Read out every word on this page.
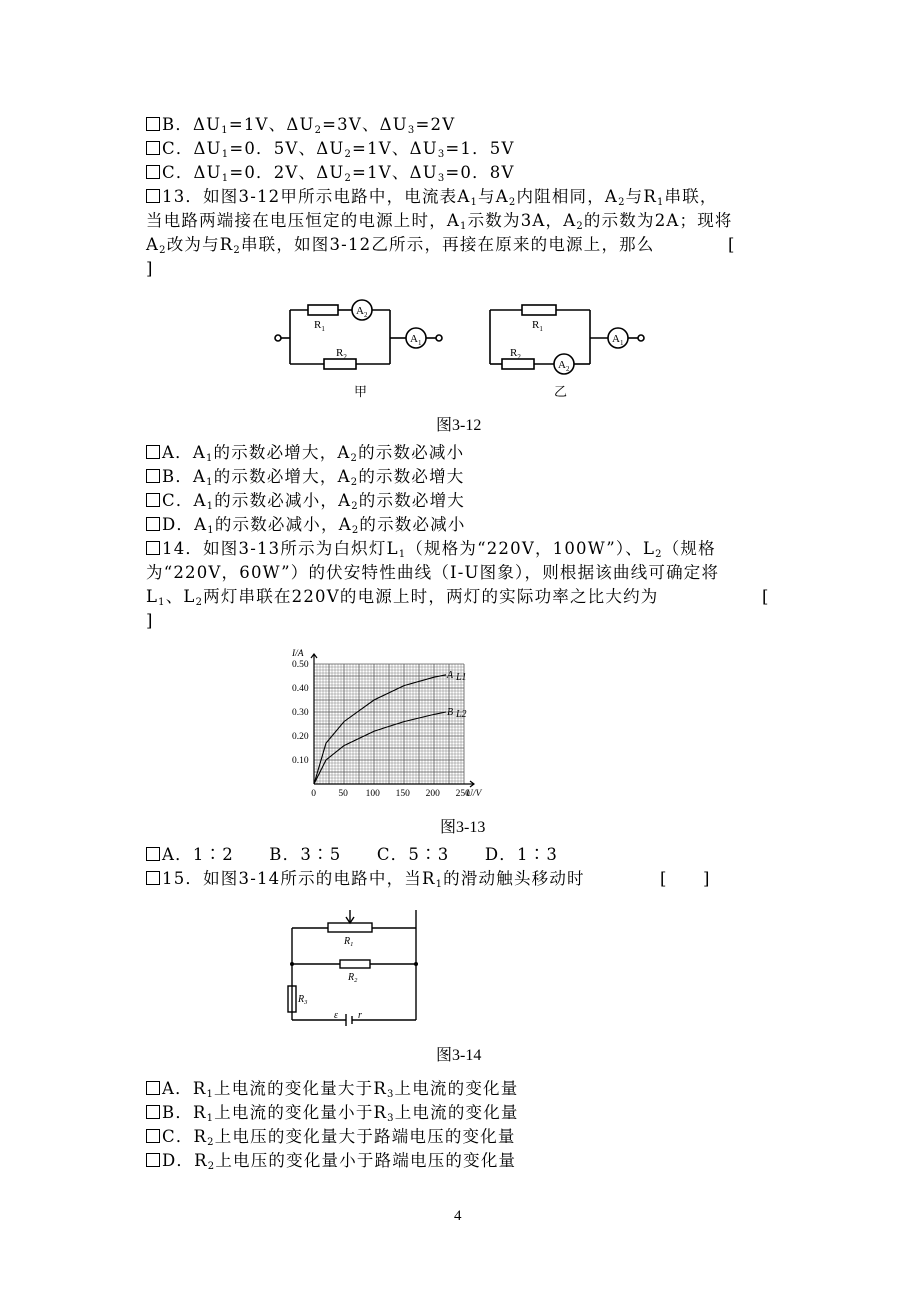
B．$\Delta U_1=1V$、$\Delta U_2=3V$、$\Delta U_3=2V$
C．$\Delta U_1=0$．5V、$\Delta U_2=1V$、$\Delta U_3=1$．5V
C．$\Delta U_1=0$．2V、$\Delta U_2=1V$、$\Delta U_3=0$．8V
13．如图3-12甲所示电路中，电流表$A_1$与$A_2$内阻相同，$A_2$与$R_1$串联，
当电路两端接在电压恒定的电源上时，$A_1$示数为3A，$A_2$的示数为2A；现将
$A_2$改为与$R_2$串联，如图3-12乙所示，再接在原来的电源上，那么	[
]
$R_1$
$A_2$
$R_2$
$A_1$
$R_1$
$R_2$
$A_2$
$A_1$
甲	乙
图3-12
A．$A_1$的示数必增大，$A_2$的示数必减小
B．$A_1$的示数必增大，$A_2$的示数必增大
C．$A_1$的示数必减小，$A_2$的示数必增大
D．$A_1$的示数必减小，$A_2$的示数必减小
14．如图3-13所示为白炽灯$L_1$（规格为“220V，100W”）、$L_2$（规格
为“220V，60W”）的伏安特性曲线（I-U图象），则根据该曲线可确定将
$L_1$、$L_2$两灯串联在220V的电源上时，两灯的实际功率之比大约为	[
]
0.10
0.20
0.30
0.40
0.50
I/A
0 50 100 150 200 250
U/V
A L1
B L2
图3-13
A．1∶2　　B．3∶5　　C．5∶3　　D．1∶3
15．如图3-14所示的电路中，当$R_1$的滑动触头移动时	[　　]
$R_1$
$R_2$
$R_3$
ε r
图3-14
A．$R_1$上电流的变化量大于$R_3$上电流的变化量
B．$R_1$上电流的变化量小于$R_3$上电流的变化量
C．$R_2$上电压的变化量大于路端电压的变化量
D．$R_2$上电压的变化量小于路端电压的变化量
4
